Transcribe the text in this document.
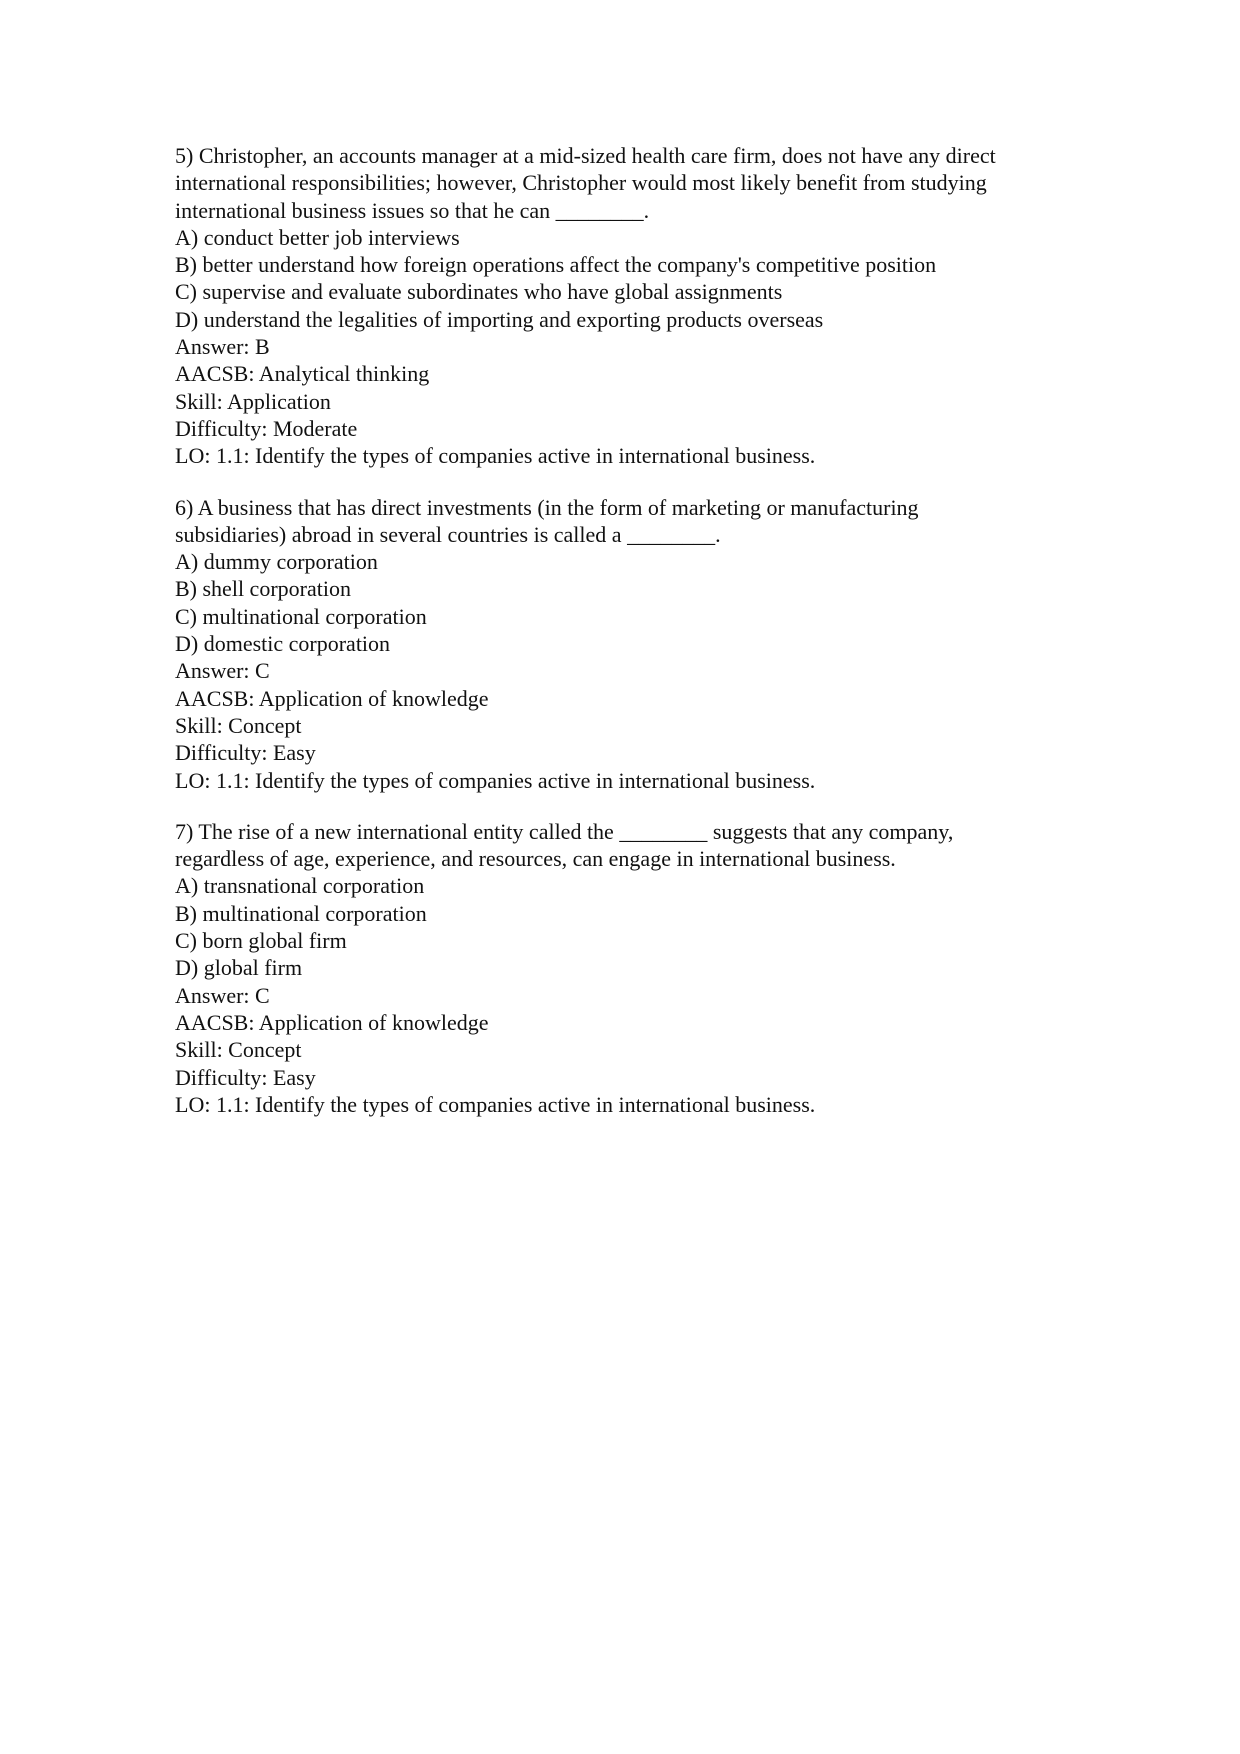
5) Christopher, an accounts manager at a mid-sized health care firm, does not have any direct
international responsibilities; however, Christopher would most likely benefit from studying
international business issues so that he can ________.
A) conduct better job interviews
B) better understand how foreign operations affect the company's competitive position
C) supervise and evaluate subordinates who have global assignments
D) understand the legalities of importing and exporting products overseas
Answer: B
AACSB: Analytical thinking
Skill: Application
Difficulty: Moderate
LO: 1.1: Identify the types of companies active in international business.
6) A business that has direct investments (in the form of marketing or manufacturing
subsidiaries) abroad in several countries is called a ________.
A) dummy corporation
B) shell corporation
C) multinational corporation
D) domestic corporation
Answer: C
AACSB: Application of knowledge
Skill: Concept
Difficulty: Easy
LO: 1.1: Identify the types of companies active in international business.
7) The rise of a new international entity called the ________ suggests that any company,
regardless of age, experience, and resources, can engage in international business.
A) transnational corporation
B) multinational corporation
C) born global firm
D) global firm
Answer: C
AACSB: Application of knowledge
Skill: Concept
Difficulty: Easy
LO: 1.1: Identify the types of companies active in international business.
